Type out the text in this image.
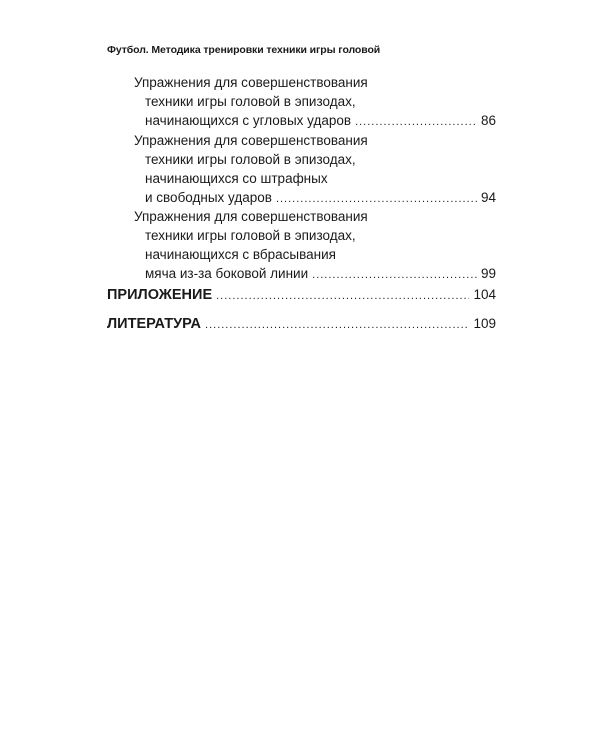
Футбол. Методика тренировки техники игры головой
Упражнения для совершенствования
техники игры головой в эпизодах,
начинающихся с угловых ударов .....	86
Упражнения для совершенствования
техники игры головой в эпизодах,
начинающихся со штрафных
и свободных ударов .....	94
Упражнения для совершенствования
техники игры головой в эпизодах,
начинающихся с вбрасывания
мяча из-за боковой линии .....	99
ПРИЛОЖЕНИЕ .....	104
ЛИТЕРАТУРА .....	109
